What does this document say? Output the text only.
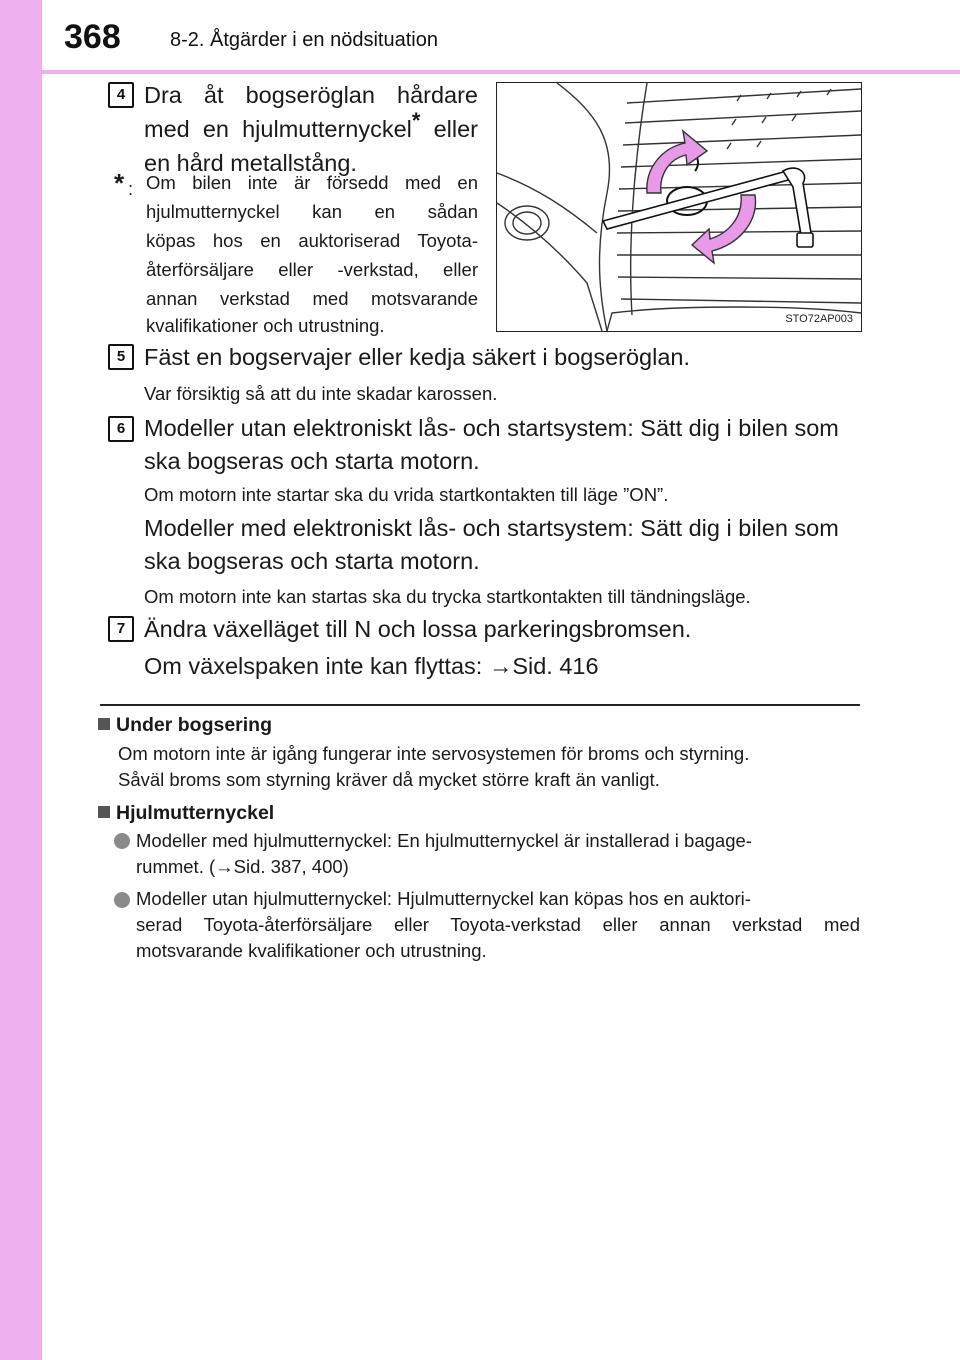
368 8-2. Åtgärder i en nödsituation
4 Dra åt bogseröglan hårdare
med en hjulmutternyckel* eller
en hård metallstång.
* : Om bilen inte är försedd med en
hjulmutternyckel kan en sådan
köpas hos en auktoriserad Toyota-
återförsäljare eller -verkstad, eller
annan verkstad med motsvarande
kvalifikationer och utrustning.	STO72AP003
5 Fäst en bogservajer eller kedja säkert i bogseröglan.
Var försiktig så att du inte skadar karossen.
6 Modeller utan elektroniskt lås- och startsystem: Sätt dig i bilen som
ska bogseras och starta motorn.
Om motorn inte startar ska du vrida startkontakten till läge ”ON”.
Modeller med elektroniskt lås- och startsystem: Sätt dig i bilen som
ska bogseras och starta motorn.
Om motorn inte kan startas ska du trycka startkontakten till tändningsläge.
7 Ändra växelläget till N och lossa parkeringsbromsen.
Om växelspaken inte kan flyttas: →Sid. 416
Under bogsering
Om motorn inte är igång fungerar inte servosystemen för broms och styrning.
Såväl broms som styrning kräver då mycket större kraft än vanligt.
Hjulmutternyckel
Modeller med hjulmutternyckel: En hjulmutternyckel är installerad i bagage-
rummet. (→Sid. 387, 400)
Modeller utan hjulmutternyckel: Hjulmutternyckel kan köpas hos en auktori-
serad Toyota-återförsäljare eller Toyota-verkstad eller annan verkstad med
motsvarande kvalifikationer och utrustning.
